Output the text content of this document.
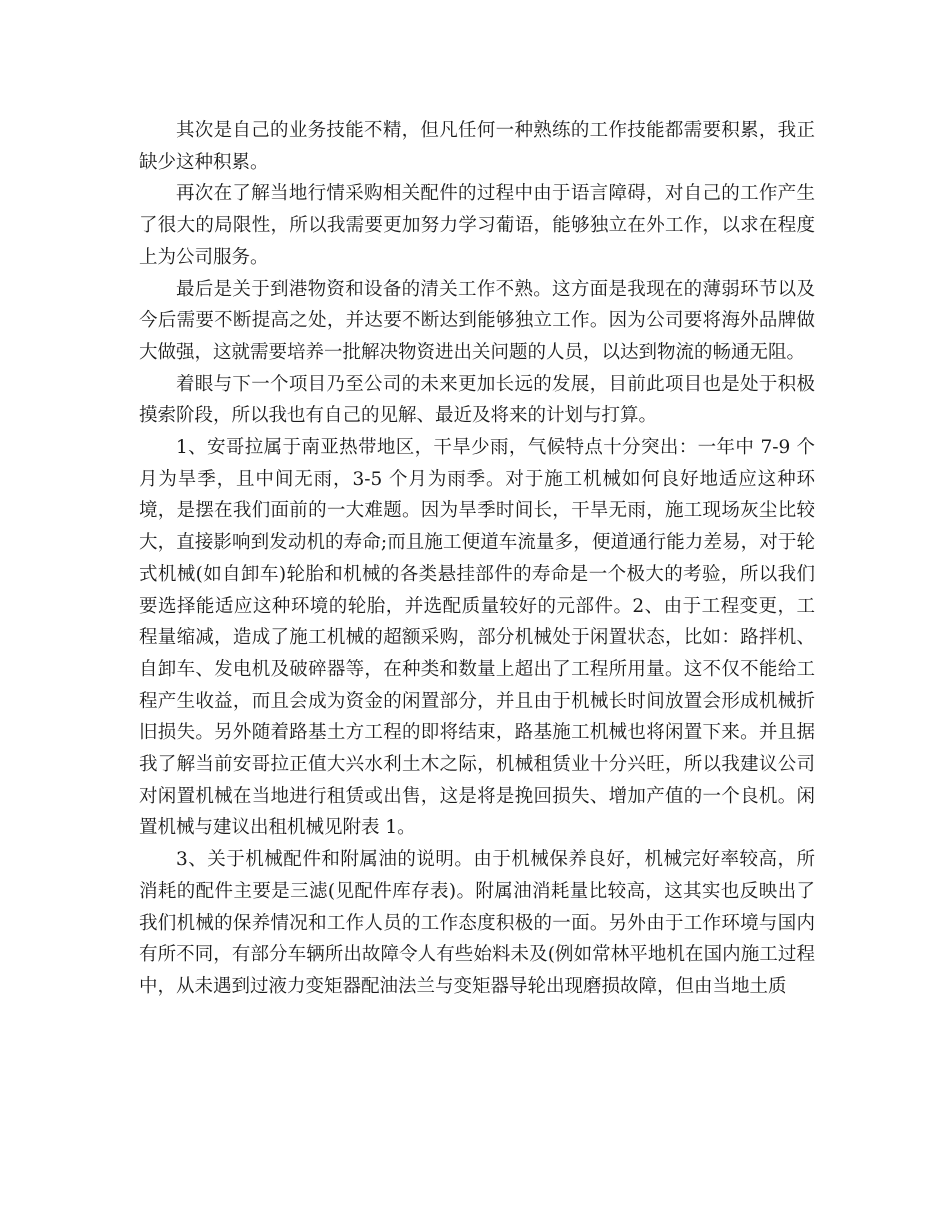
其次是自己的业务技能不精，但凡任何一种熟练的工作技能都需要积累，我正缺少这种积累。

再次在了解当地行情采购相关配件的过程中由于语言障碍，对自己的工作产生了很大的局限性，所以我需要更加努力学习葡语，能够独立在外工作，以求在程度上为公司服务。

最后是关于到港物资和设备的清关工作不熟。这方面是我现在的薄弱环节以及今后需要不断提高之处，并达要不断达到能够独立工作。因为公司要将海外品牌做大做强，这就需要培养一批解决物资进出关问题的人员，以达到物流的畅通无阻。

着眼与下一个项目乃至公司的未来更加长远的发展，目前此项目也是处于积极摸索阶段，所以我也有自己的见解、最近及将来的计划与打算。

1、安哥拉属于南亚热带地区，干旱少雨，气候特点十分突出：一年中 7-9 个月为旱季，且中间无雨，3-5 个月为雨季。对于施工机械如何良好地适应这种环境，是摆在我们面前的一大难题。因为旱季时间长，干旱无雨，施工现场灰尘比较大，直接影响到发动机的寿命;而且施工便道车流量多，便道通行能力差易，对于轮式机械(如自卸车)轮胎和机械的各类悬挂部件的寿命是一个极大的考验，所以我们要选择能适应这种环境的轮胎，并选配质量较好的元部件。2、由于工程变更，工程量缩减，造成了施工机械的超额采购，部分机械处于闲置状态，比如：路拌机、自卸车、发电机及破碎器等，在种类和数量上超出了工程所用量。这不仅不能给工程产生收益，而且会成为资金的闲置部分，并且由于机械长时间放置会形成机械折旧损失。另外随着路基土方工程的即将结束，路基施工机械也将闲置下来。并且据我了解当前安哥拉正值大兴水利土木之际，机械租赁业十分兴旺，所以我建议公司对闲置机械在当地进行租赁或出售，这是将是挽回损失、增加产值的一个良机。闲置机械与建议出租机械见附表 1。

3、关于机械配件和附属油的说明。由于机械保养良好，机械完好率较高，所消耗的配件主要是三滤(见配件库存表)。附属油消耗量比较高，这其实也反映出了我们机械的保养情况和工作人员的工作态度积极的一面。另外由于工作环境与国内有所不同，有部分车辆所出故障令人有些始料未及(例如常林平地机在国内施工过程中，从未遇到过液力变矩器配油法兰与变矩器导轮出现磨损故障，但由当地土质
